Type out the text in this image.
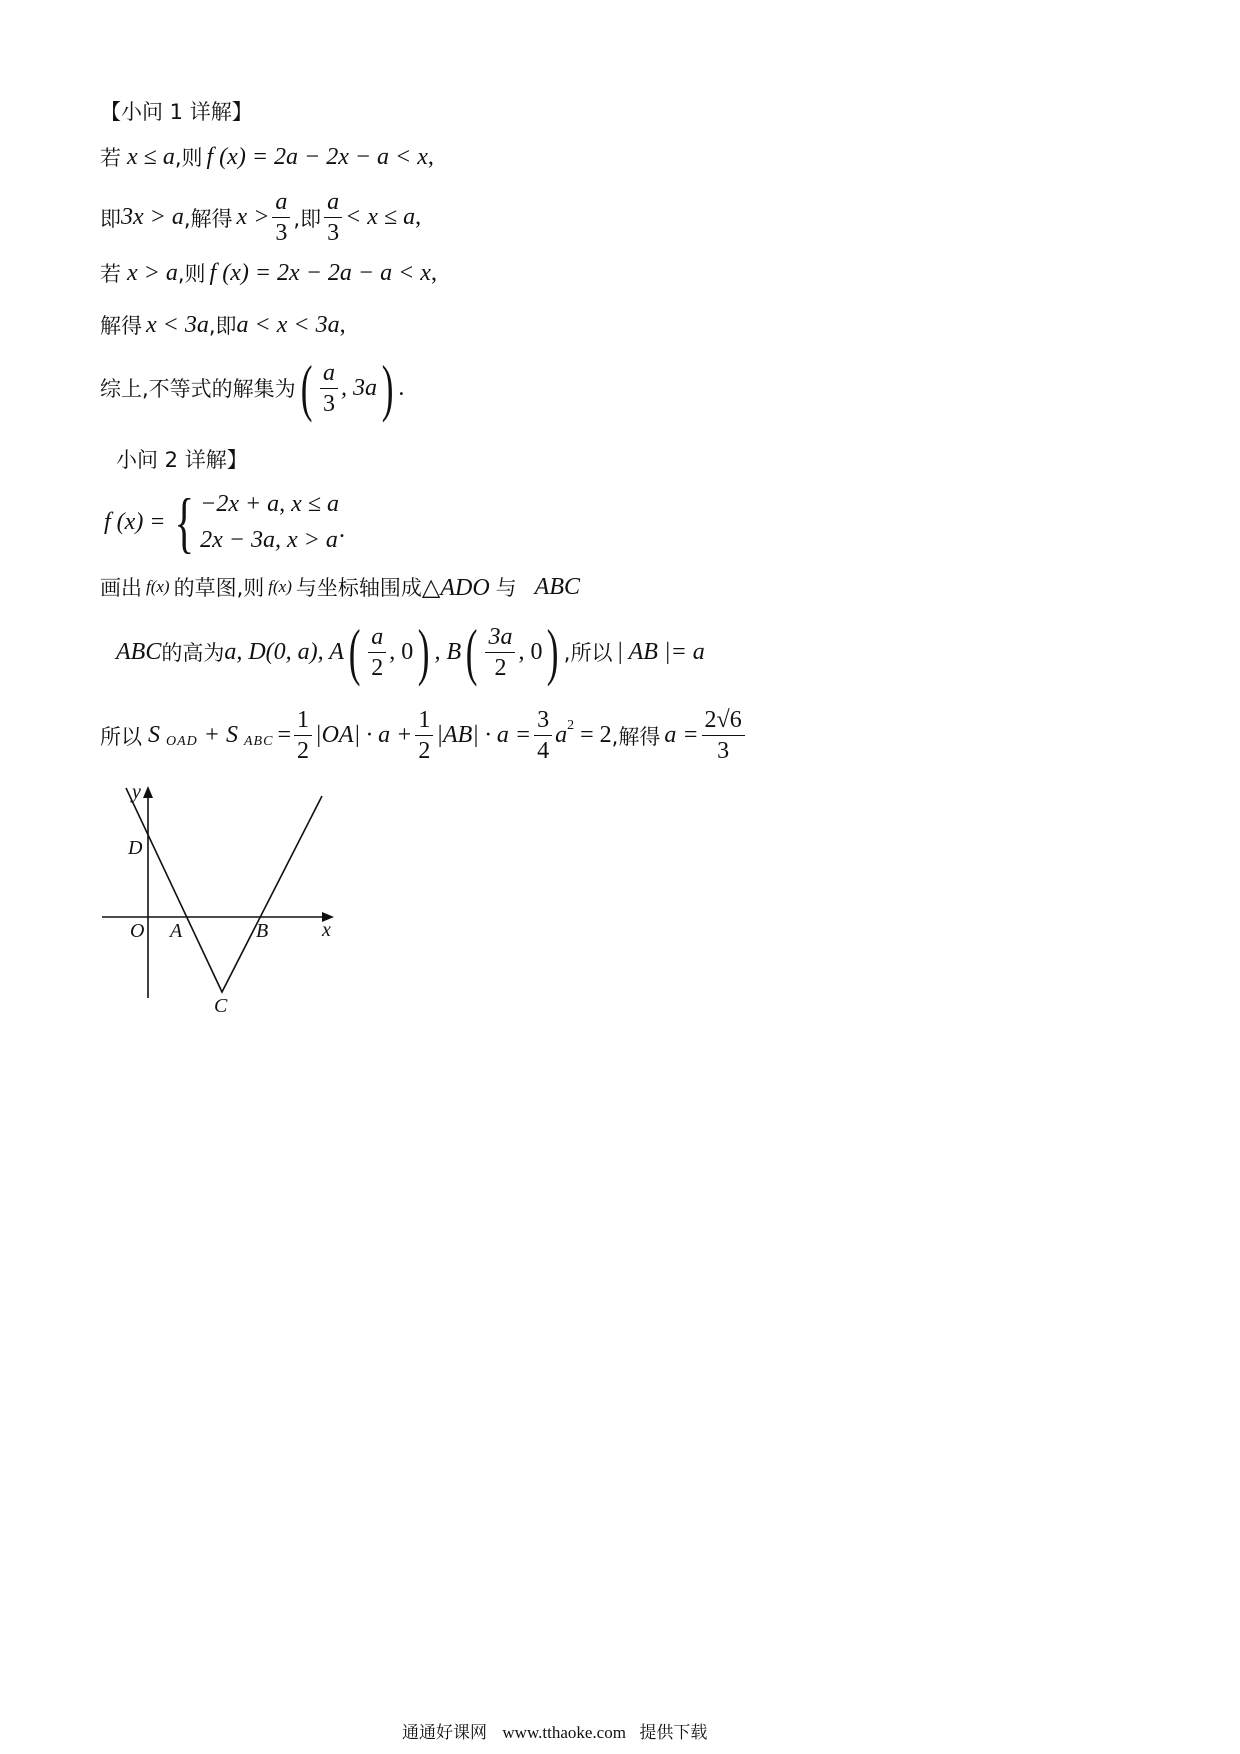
【小问 1 详解】
若 x ≤ a ,则 f (x) = 2a − 2x − a < x ,
即 3x > a ,解得 $x > \frac{a}{3}$ ,即 $\frac{a}{3} < x \le a$ ,
若 x > a ,则 f (x) = 2x − 2a − a < x ,
解得 x < 3a ,即 a < x < 3a ,
综上,不等式的解集为 ( $\frac{a}{3}$ , 3a ) .
小问 2 详解】
f (x) = { −2x + a, x ≤ a
2x − 3a, x > a .
画出 f(x) 的草图,则 f(x) 与坐标轴围成 △ADO 与 ABC
ABC 的高为 a, D(0, a), A ( $\frac{a}{2}$ , 0 ) , B ( $\frac{3a}{2}$ , 0 ) ,所以 | AB |= a
所以 S OAD + S ABC = $\frac{1}{2} |OA| \cdot a + \frac{1}{2} |AB| \cdot a = \frac{3}{4}$ a 2 = 2 ,解得 $a = \frac{2√6}{3}$
y
x
D
O A	B
C
通通好课网 www.tthaoke.com 提供下载
